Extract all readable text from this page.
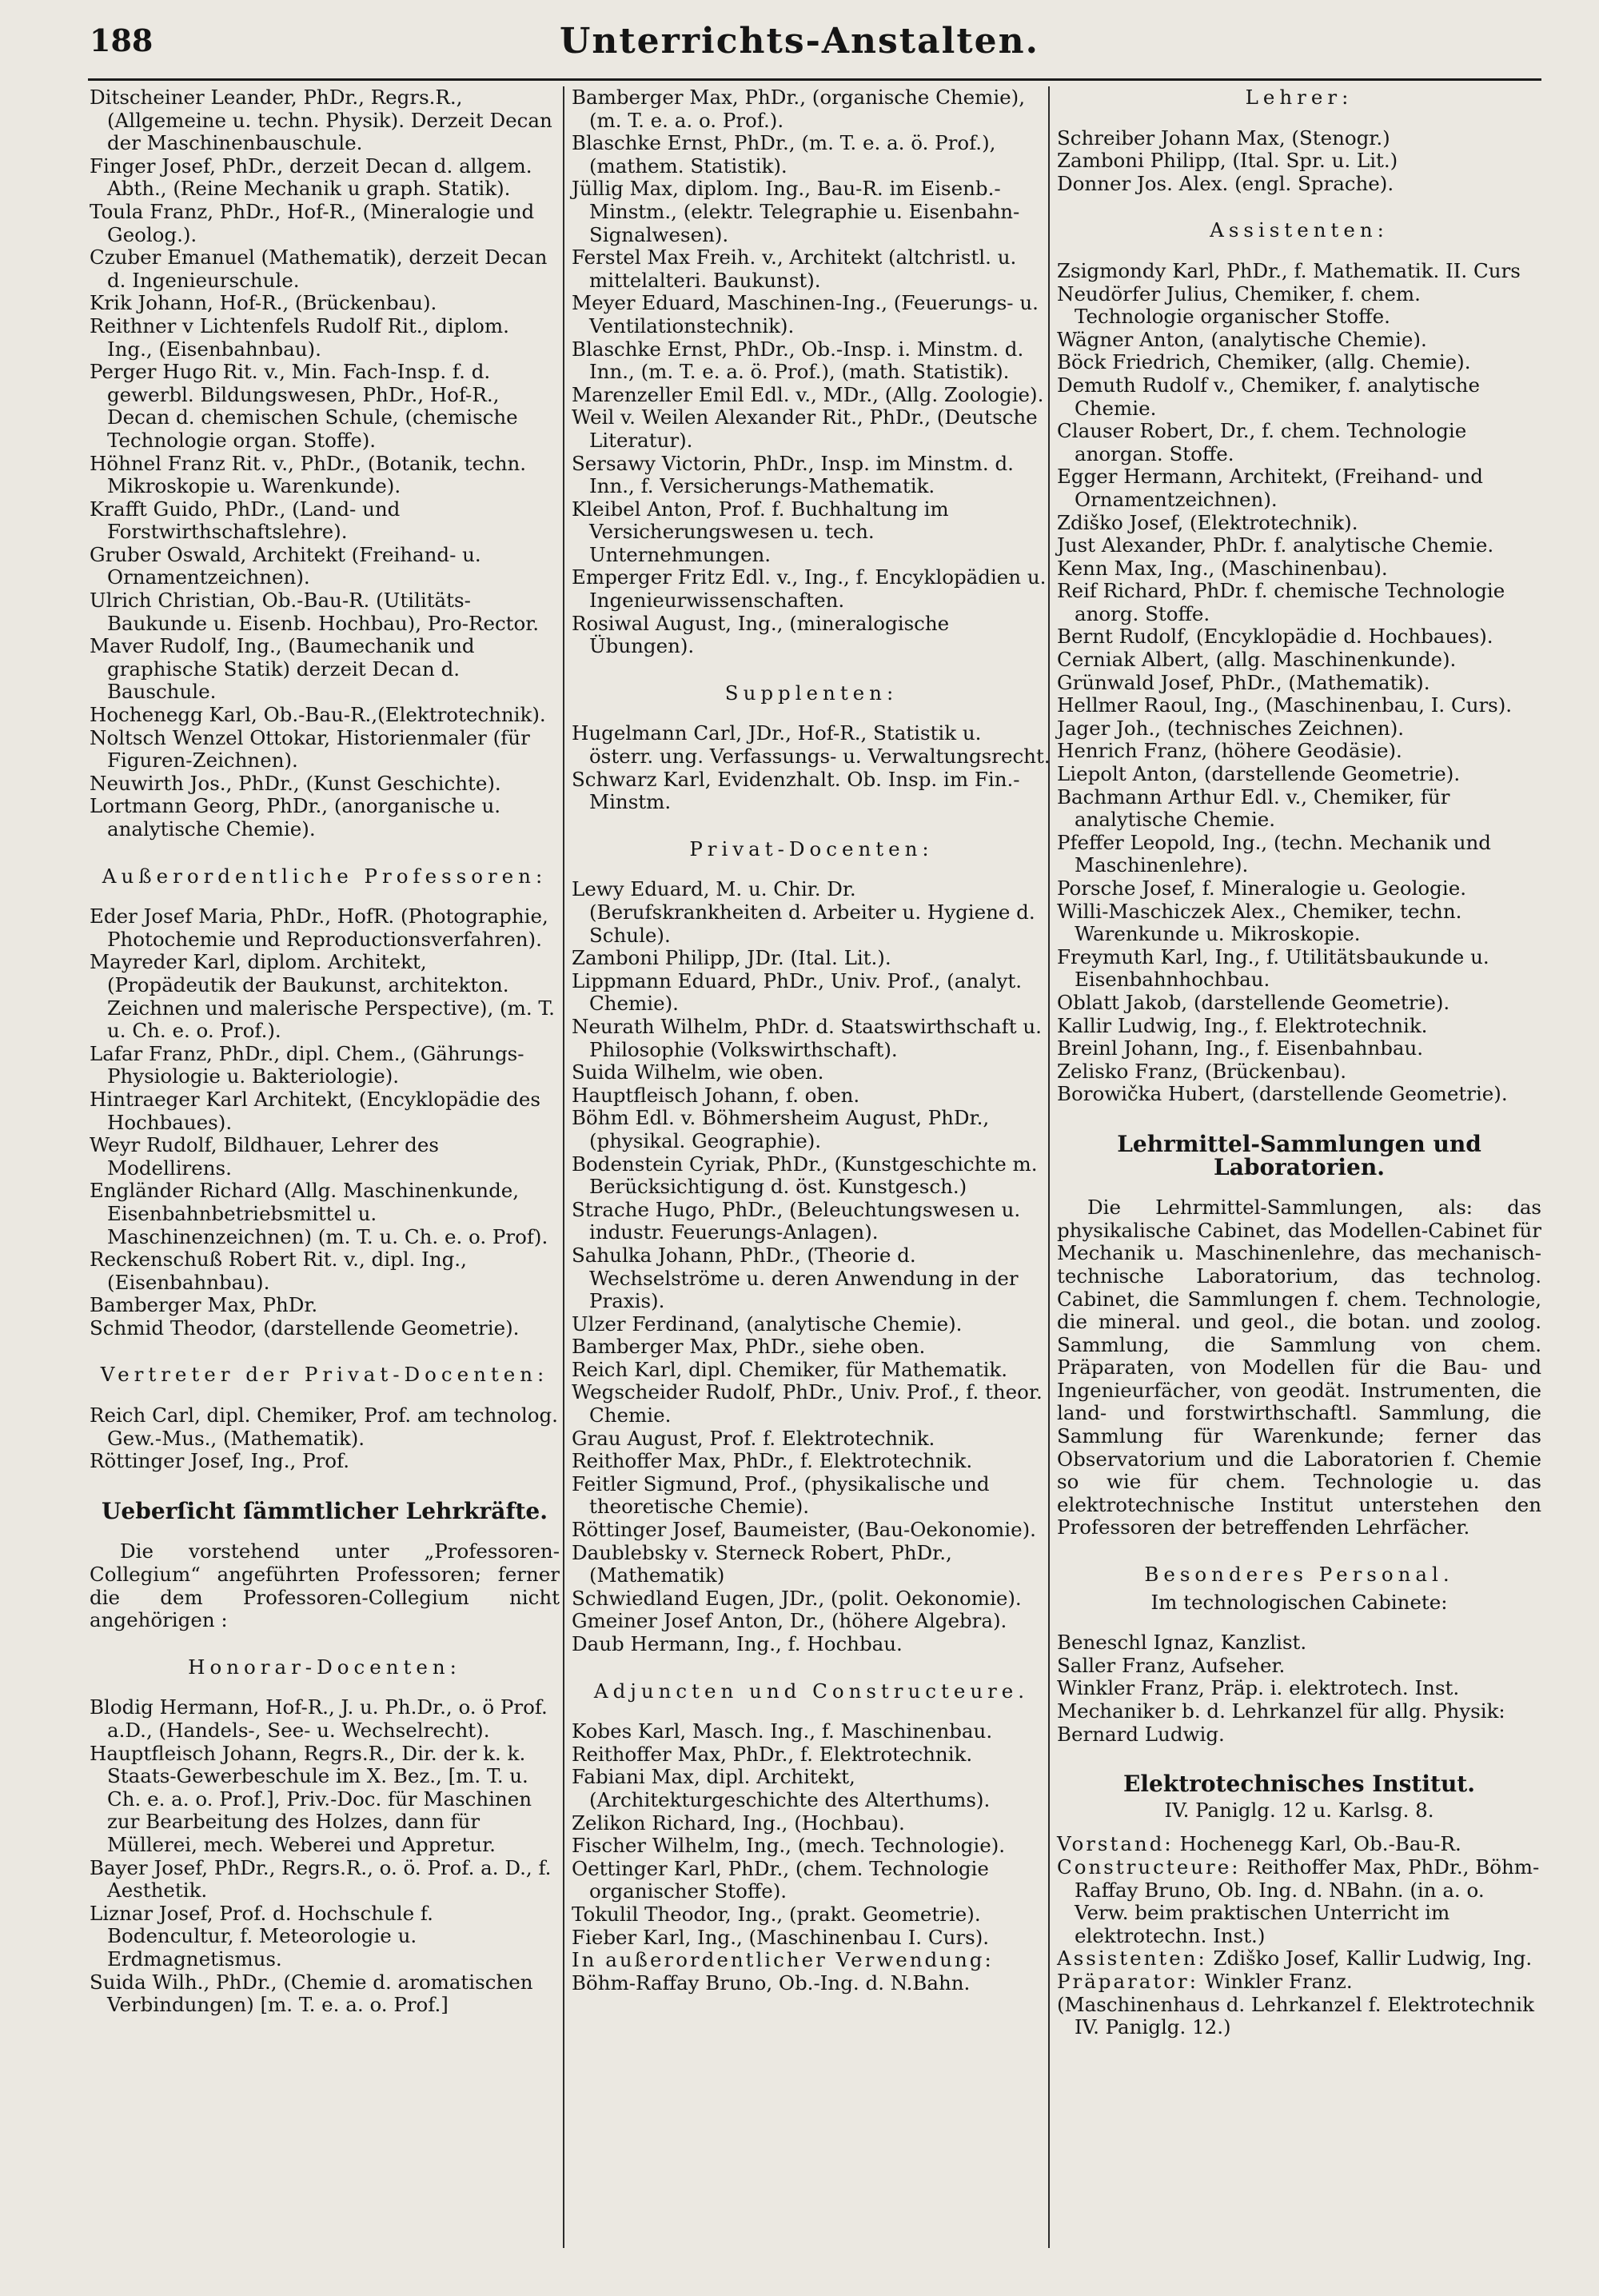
188	Unterrichts-Anstalten.

Ditscheiner Leander, PhDr., Regrs.R., (Allgemeine u. techn. Physik). Derzeit Decan der Maschinenbauschule.

Finger Josef, PhDr., derzeit Decan d. allgem. Abth., (Reine Mechanik u graph. Statik).

Toula Franz, PhDr., Hof-R., (Mineralogie und Geolog.).

Czuber Emanuel (Mathematik), derzeit Decan d. Ingenieurschule.

Krik Johann, Hof-R., (Brückenbau).

Reithner v Lichtenfels Rudolf Rit., diplom. Ing., (Eisenbahnbau).

Perger Hugo Rit. v., Min. Fach-Insp. f. d. gewerbl. Bildungswesen, PhDr., Hof-R., Decan d. chemischen Schule, (chemische Technologie organ. Stoffe).

Höhnel Franz Rit. v., PhDr., (Botanik, techn. Mikroskopie u. Warenkunde).

Krafft Guido, PhDr., (Land- und Forstwirthschaftslehre).

Gruber Oswald, Architekt (Freihand- u. Ornamentzeichnen).

Ulrich Christian, Ob.-Bau-R. (Utilitäts-Baukunde u. Eisenb. Hochbau), Pro-Rector.

Maver Rudolf, Ing., (Baumechanik und graphische Statik) derzeit Decan d. Bauschule.

Hochenegg Karl, Ob.-Bau-R.,(Elektrotechnik).

Noltsch Wenzel Ottokar, Historienmaler (für Figuren-Zeichnen).

Neuwirth Jos., PhDr., (Kunst Geschichte).

Lortmann Georg, PhDr., (anorganische u. analytische Chemie).

Außerordentliche Professoren:

Eder Josef Maria, PhDr., HofR. (Photographie, Photochemie und Reproductionsverfahren).

Mayreder Karl, diplom. Architekt, (Propädeutik der Baukunst, architekton. Zeichnen und malerische Perspective), (m. T. u. Ch. e. o. Prof.).

Lafar Franz, PhDr., dipl. Chem., (Gährungs-Physiologie u. Bakteriologie).

Hintraeger Karl Architekt, (Encyklopädie des Hochbaues).

Weyr Rudolf, Bildhauer, Lehrer des Modellirens.

Engländer Richard (Allg. Maschinenkunde, Eisenbahnbetriebsmittel u. Maschinenzeichnen) (m. T. u. Ch. e. o. Prof).

Reckenschuß Robert Rit. v., dipl. Ing., (Eisenbahnbau).

Bamberger Max, PhDr.

Schmid Theodor, (darstellende Geometrie).

Vertreter der Privat-Docenten:

Reich Carl, dipl. Chemiker, Prof. am technolog. Gew.-Mus., (Mathematik).

Röttinger Josef, Ing., Prof.

Ueberſicht ſämmtlicher Lehrkräfte.

Die vorstehend unter „Professoren-Collegium“ angeführten Professoren; ferner die dem Professoren-Collegium nicht angehörigen :

Honorar-Docenten:

Blodig Hermann, Hof-R., J. u. Ph.Dr., o. ö Prof. a.D., (Handels-, See- u. Wechselrecht).

Hauptfleisch Johann, Regrs.R., Dir. der k. k. Staats-Gewerbeschule im X. Bez., [m. T. u. Ch. e. a. o. Prof.], Priv.-Doc. für Maschinen zur Bearbeitung des Holzes, dann für Müllerei, mech. Weberei und Appretur.

Bayer Josef, PhDr., Regrs.R., o. ö. Prof. a. D., f. Aesthetik.

Liznar Josef, Prof. d. Hochschule f. Bodencultur, f. Meteorologie u. Erdmagnetismus.

Suida Wilh., PhDr., (Chemie d. aromatischen Verbindungen) [m. T. e. a. o. Prof.]

Bamberger Max, PhDr., (organische Chemie), (m. T. e. a. o. Prof.).

Blaschke Ernst, PhDr., (m. T. e. a. ö. Prof.), (mathem. Statistik).

Jüllig Max, diplom. Ing., Bau-R. im Eisenb.-Minstm., (elektr. Telegraphie u. Eisenbahn-Signalwesen).

Ferstel Max Freih. v., Architekt (altchristl. u. mittelalteri. Baukunst).

Meyer Eduard, Maschinen-Ing., (Feuerungs- u. Ventilationstechnik).

Blaschke Ernst, PhDr., Ob.-Insp. i. Minstm. d. Inn., (m. T. e. a. ö. Prof.), (math. Statistik).

Marenzeller Emil Edl. v., MDr., (Allg. Zoologie).

Weil v. Weilen Alexander Rit., PhDr., (Deutsche Literatur).

Sersawy Victorin, PhDr., Insp. im Minstm. d. Inn., f. Versicherungs-Mathematik.

Kleibel Anton, Prof. f. Buchhaltung im Versicherungswesen u. tech. Unternehmungen.

Emperger Fritz Edl. v., Ing., f. Encyklopädien u. Ingenieurwissenschaften.

Rosiwal August, Ing., (mineralogische Übungen).

Supplenten:

Hugelmann Carl, JDr., Hof-R., Statistik u. österr. ung. Verfassungs- u. Verwaltungsrecht.

Schwarz Karl, Evidenzhalt. Ob. Insp. im Fin.-Minstm.

Privat-Docenten:

Lewy Eduard, M. u. Chir. Dr. (Berufskrankheiten d. Arbeiter u. Hygiene d. Schule).

Zamboni Philipp, JDr. (Ital. Lit.).

Lippmann Eduard, PhDr., Univ. Prof., (analyt. Chemie).

Neurath Wilhelm, PhDr. d. Staatswirthschaft u. Philosophie (Volkswirthschaft).

Suida Wilhelm, wie oben.

Hauptfleisch Johann, f. oben.

Böhm Edl. v. Böhmersheim August, PhDr., (physikal. Geographie).

Bodenstein Cyriak, PhDr., (Kunstgeschichte m. Berücksichtigung d. öst. Kunstgesch.)

Strache Hugo, PhDr., (Beleuchtungswesen u. industr. Feuerungs-Anlagen).

Sahulka Johann, PhDr., (Theorie d. Wechselströme u. deren Anwendung in der Praxis).

Ulzer Ferdinand, (analytische Chemie).

Bamberger Max, PhDr., siehe oben.

Reich Karl, dipl. Chemiker, für Mathematik.

Wegscheider Rudolf, PhDr., Univ. Prof., f. theor. Chemie.

Grau August, Prof. f. Elektrotechnik.

Reithoffer Max, PhDr., f. Elektrotechnik.

Feitler Sigmund, Prof., (physikalische und theoretische Chemie).

Röttinger Josef, Baumeister, (Bau-Oekonomie).

Daublebsky v. Sterneck Robert, PhDr., (Mathematik)

Schwiedland Eugen, JDr., (polit. Oekonomie).

Gmeiner Josef Anton, Dr., (höhere Algebra).

Daub Hermann, Ing., f. Hochbau.

Adjuncten und Constructeure.

Kobes Karl, Masch. Ing., f. Maschinenbau.

Reithoffer Max, PhDr., f. Elektrotechnik.

Fabiani Max, dipl. Architekt, (Architekturgeschichte des Alterthums).

Zelikon Richard, Ing., (Hochbau).

Fischer Wilhelm, Ing., (mech. Technologie).

Oettinger Karl, PhDr., (chem. Technologie organischer Stoffe).

Tokulil Theodor, Ing., (prakt. Geometrie).

Fieber Karl, Ing., (Maschinenbau I. Curs).

In außerordentlicher Verwendung:

Böhm-Raffay Bruno, Ob.-Ing. d. N.Bahn.

Lehrer:

Schreiber Johann Max, (Stenogr.)

Zamboni Philipp, (Ital. Spr. u. Lit.)

Donner Jos. Alex. (engl. Sprache).

Assistenten:

Zsigmondy Karl, PhDr., f. Mathematik. II. Curs

Neudörfer Julius, Chemiker, f. chem. Technologie organischer Stoffe.

Wägner Anton, (analytische Chemie).

Böck Friedrich, Chemiker, (allg. Chemie).

Demuth Rudolf v., Chemiker, f. analytische Chemie.

Clauser Robert, Dr., f. chem. Technologie anorgan. Stoffe.

Egger Hermann, Architekt, (Freihand- und Ornamentzeichnen).

Zdiško Josef, (Elektrotechnik).

Just Alexander, PhDr. f. analytische Chemie.

Kenn Max, Ing., (Maschinenbau).

Reif Richard, PhDr. f. chemische Technologie anorg. Stoffe.

Bernt Rudolf, (Encyklopädie d. Hochbaues).

Cerniak Albert, (allg. Maschinenkunde).

Grünwald Josef, PhDr., (Mathematik).

Hellmer Raoul, Ing., (Maschinenbau, I. Curs).

Jager Joh., (technisches Zeichnen).

Henrich Franz, (höhere Geodäsie).

Liepolt Anton, (darstellende Geometrie).

Bachmann Arthur Edl. v., Chemiker, für analytische Chemie.

Pfeffer Leopold, Ing., (techn. Mechanik und Maschinenlehre).

Porsche Josef, f. Mineralogie u. Geologie.

Willi-Maschiczek Alex., Chemiker, techn. Warenkunde u. Mikroskopie.

Freymuth Karl, Ing., f. Utilitätsbaukunde u. Eisenbahnhochbau.

Oblatt Jakob, (darstellende Geometrie).

Kallir Ludwig, Ing., f. Elektrotechnik.

Breinl Johann, Ing., f. Eisenbahnbau.

Zelisko Franz, (Brückenbau).

Borowička Hubert, (darstellende Geometrie).

Lehrmittel-Sammlungen und Laboratorien.

Die Lehrmittel-Sammlungen, als: das physikalische Cabinet, das Modellen-Cabinet für Mechanik u. Maschinenlehre, das mechanisch-technische Laboratorium, das technolog. Cabinet, die Sammlungen f. chem. Technologie, die mineral. und geol., die botan. und zoolog. Sammlung, die Sammlung von chem. Präparaten, von Modellen für die Bau- und Ingenieurfächer, von geodät. Instrumenten, die land- und forstwirthschaftl. Sammlung, die Sammlung für Warenkunde; ferner das Observatorium und die Laboratorien f. Chemie so wie für chem. Technologie u. das elektrotechnische Institut unterstehen den Professoren der betreffenden Lehrfächer.

Besonderes Personal.

Im technologischen Cabinete:

Beneschl Ignaz, Kanzlist.

Saller Franz, Aufseher.

Winkler Franz, Präp. i. elektrotech. Inst.

Mechaniker b. d. Lehrkanzel für allg. Physik:

Bernard Ludwig.

Elektrotechnisches Institut.

IV. Paniglg. 12 u. Karlsg. 8.

Vorstand: Hochenegg Karl, Ob.-Bau-R.

Constructeure: Reithoffer Max, PhDr., Böhm-Raffay Bruno, Ob. Ing. d. NBahn. (in a. o. Verw. beim praktischen Unterricht im elektrotechn. Inst.)

Assistenten: Zdiško Josef, Kallir Ludwig, Ing.

Präparator: Winkler Franz.

(Maschinenhaus d. Lehrkanzel f. Elektrotechnik IV. Paniglg. 12.)
